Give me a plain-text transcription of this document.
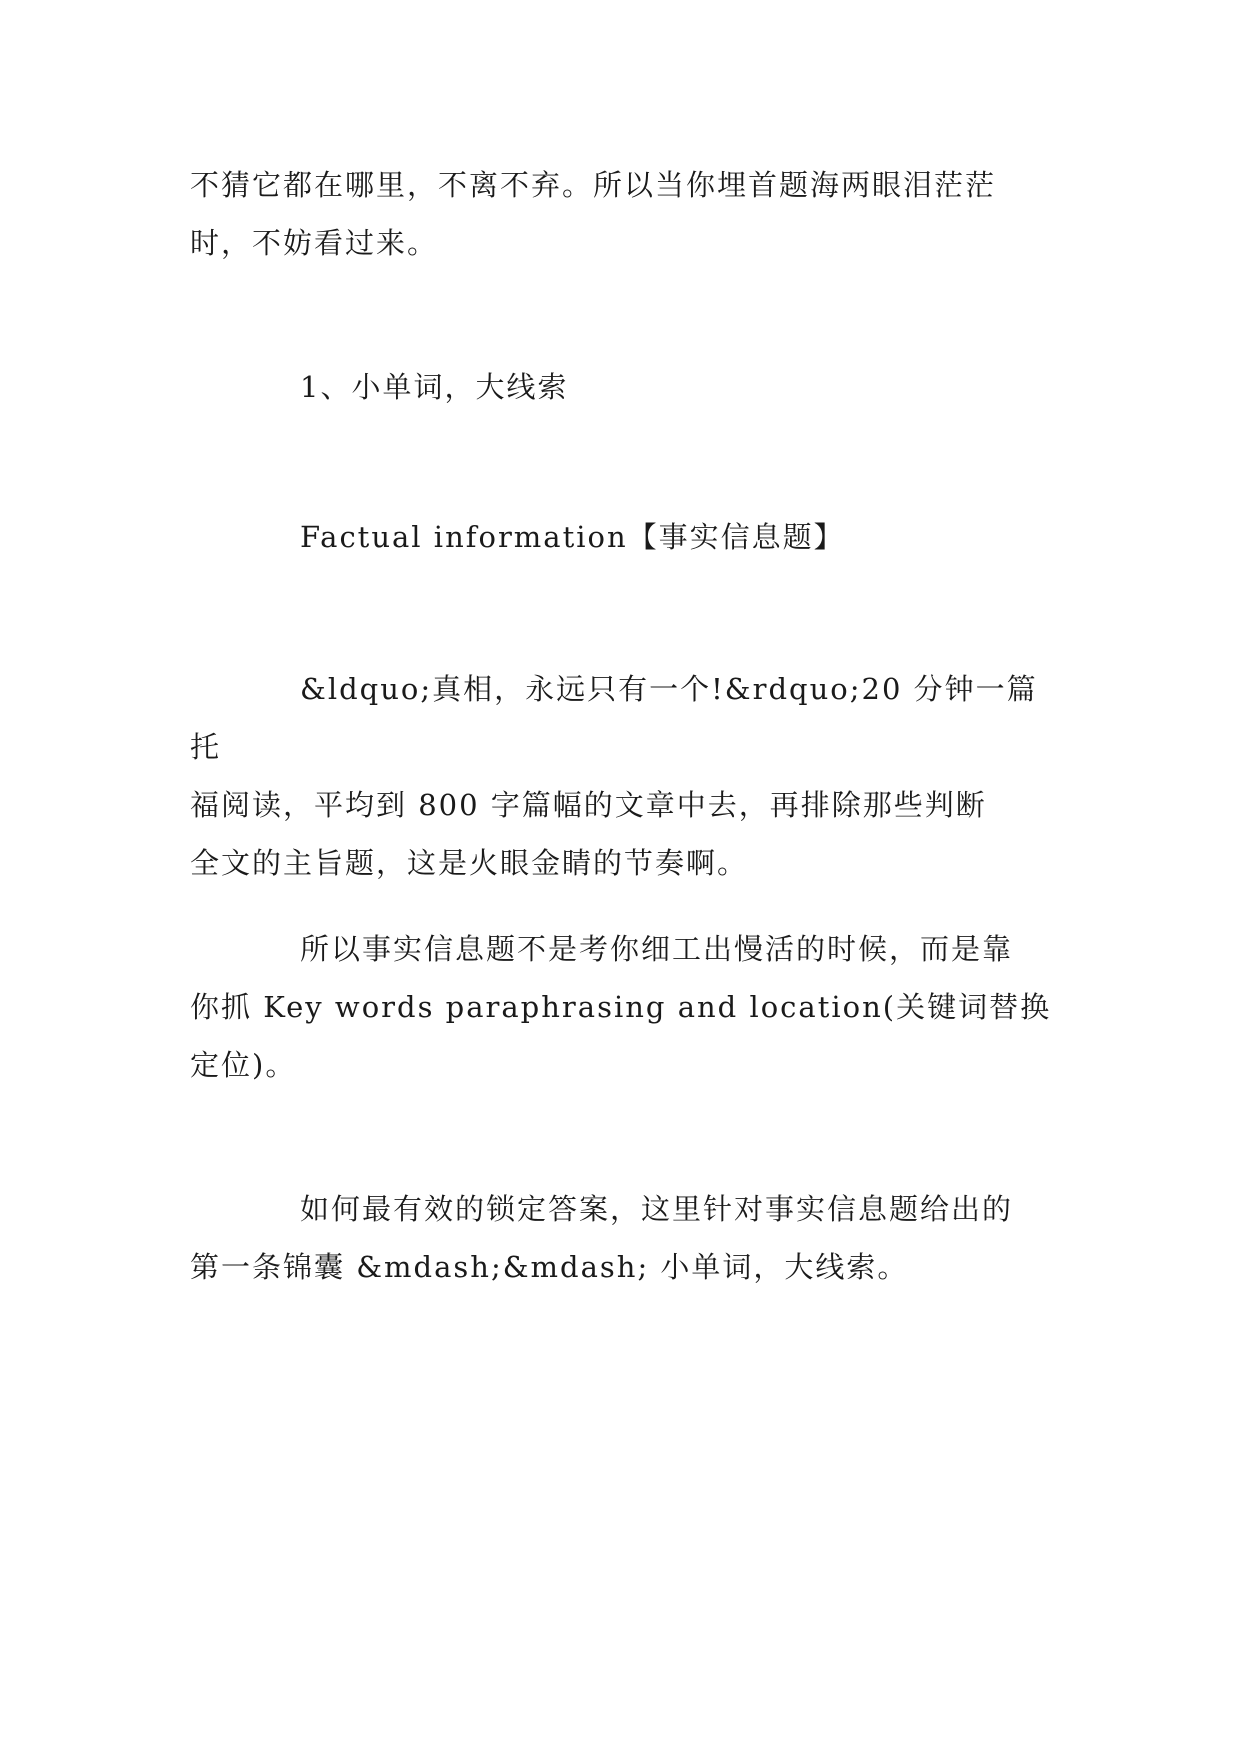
不猜它都在哪里，不离不弃。所以当你埋首题海两眼泪茫茫
时，不妨看过来。

1、小单词，大线索

Factual information【事实信息题】

&ldquo;真相，永远只有一个!&rdquo;20 分钟一篇托
福阅读，平均到 800 字篇幅的文章中去，再排除那些判断
全文的主旨题，这是火眼金睛的节奏啊。

所以事实信息题不是考你细工出慢活的时候，而是靠
你抓 Key words paraphrasing and location(关键词替换
定位)。

如何最有效的锁定答案，这里针对事实信息题给出的
第一条锦囊 &mdash;&mdash; 小单词，大线索。
